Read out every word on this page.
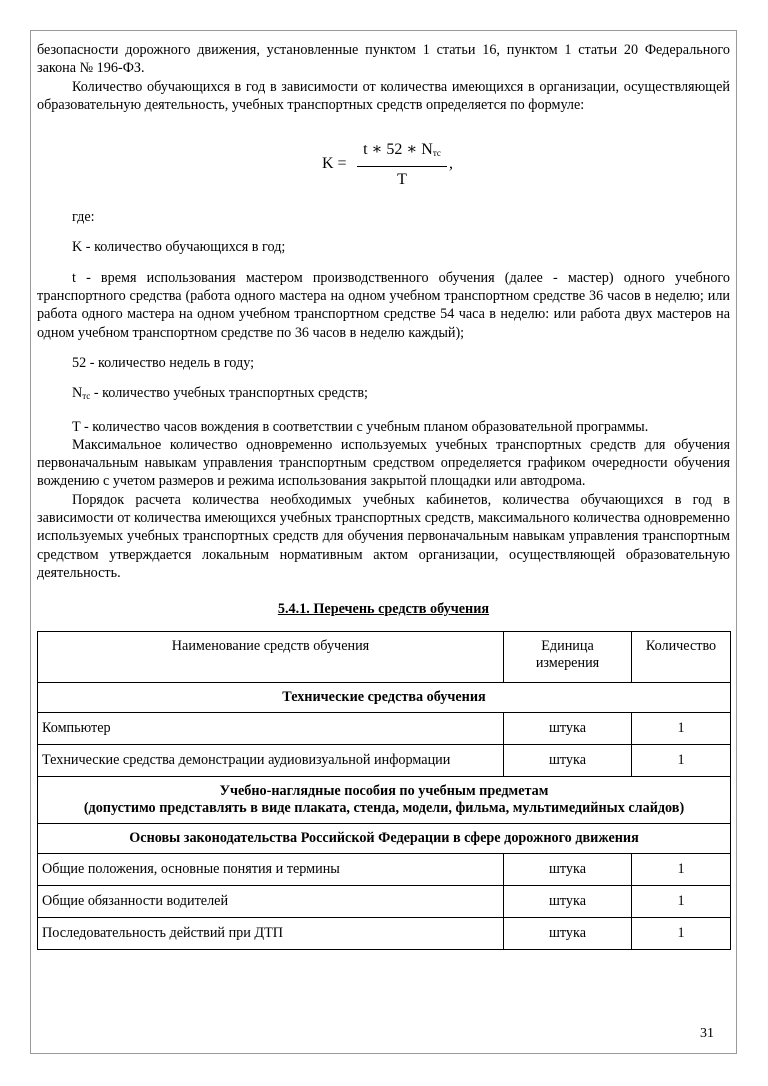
безопасности дорожного движения, установленные пунктом 1 статьи 16, пунктом 1 статьи 20 Федерального закона № 196-ФЗ.

Количество обучающихся в год в зависимости от количества имеющихся в организации, осуществляющей образовательную деятельность, учебных транспортных средств определяется по формуле:

K =
t ∗ 52 ∗ $N_{тс}$
T
,

где:

K - количество обучающихся в год;

t - время использования мастером производственного обучения (далее - мастер) одного учебного транспортного средства (работа одного мастера на одном учебном транспортном средстве 36 часов в неделю; или работа одного мастера на одном учебном транспортном средстве 54 часа в неделю: или работа двух мастеров на одном учебном транспортном средстве по 36 часов в неделю каждый);

52 - количество недель в году;

$N_{тс}$ - количество учебных транспортных средств;

T - количество часов вождения в соответствии с учебным планом образовательной программы.

Максимальное количество одновременно используемых учебных транспортных средств для обучения первоначальным навыкам управления транспортным средством определяется графиком очередности обучения вождению с учетом размеров и режима использования закрытой площадки или автодрома.

Порядок расчета количества необходимых учебных кабинетов, количества обучающихся в год в зависимости от количества имеющихся учебных транспортных средств, максимального количества одновременно используемых учебных транспортных средств для обучения первоначальным навыкам управления транспортным средством утверждается локальным нормативным актом организации, осуществляющей образовательную деятельность.

5.4.1. Перечень средств обучения
Наименование средств обучения	Единица измерения	Количество
Технические средства обучения		
Компьютер	штука	1
Технические средства демонстрации аудиовизуальной информации	штука	1

Учебно-наглядные пособия по учебным предметам
(допустимо представлять в виде плаката, стенда, модели, фильма, мультимедийных слайдов)		

Основы законодательства Российской Федерации в сфере дорожного движения		
Общие положения, основные понятия и термины	штука	1
Общие обязанности водителей	штука	1
Последовательность действий при ДТП	штука	1
31
